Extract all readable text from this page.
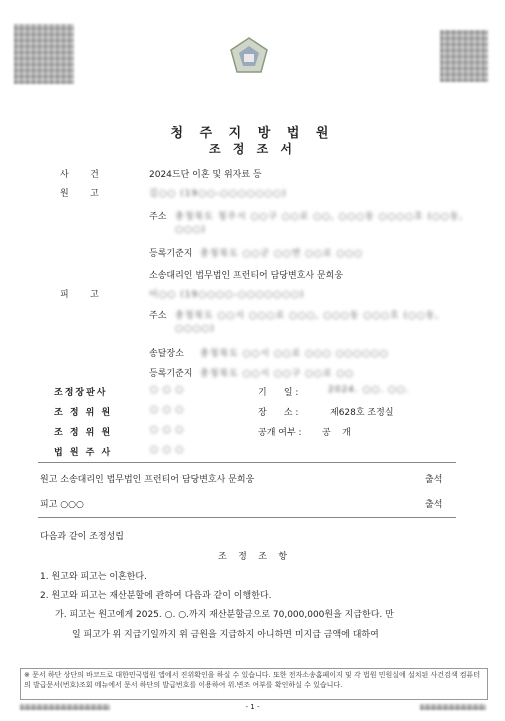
청 주 지 방 법 원
조 정 조 서
사    건	2024드단 이혼 및 위자료 등
원    고	김○○ (19○○-○○○○○○○)
주소 충청북도 청주시 ○○구 ○○로 ○○, ○○○동 ○○○○호 (○○동,
○○○)
등록기준지 충청북도 ○○군 ○○면 ○○로 ○○○
소송대리인 법무법인 프런티어 담당변호사 문희웅
피    고	이○○ (19○○○○-○○○○○○○)
주소 충청북도 ○○시 ○○○로 ○○○, ○○○동 ○○○호 (○○동,
○○○○)
송달장소 충청북도 ○○시 ○○로 ○○○ ○○○○○○
등록기준지 충청북도 ○○시 ○○구 ○○로 ○○
조정장판사	○ ○ ○
조 정 위 원	○ ○ ○
조 정 위 원	○ ○ ○
법 원 주 사	○ ○ ○
기      일 :	2024. ○○. ○○.
장      소 :	제628호 조정실
공개 여부 : 공    개
원고 소송대리인 법무법인 프런티어 담당변호사 문희웅	출석
피고 ○○○	출석
다음과 같이 조정성립
조    정    조    항
1. 원고와 피고는 이혼한다.
2. 원고와 피고는 재산분할에 관하여 다음과 같이 이행한다.
가. 피고는 원고에게 2025. ○. ○.까지 재산분할금으로 70,000,000원을 지급한다. 만
일 피고가 위 지급기일까지 위 금원을 지급하지 아니하면 미지급 금액에 대하여
※ 문서 하단 상단의 바코드로 대한민국법원 앱에서 진위확인을 하실 수 있습니다. 또한 전자소송홈페이지 및 각 법원 민원실에 설치된 사건검색 컴퓨터의 발급문서(번호)조회 메뉴에서 문서 하단의 발급번호를 이용하여 위.변조 여부를 확인하실 수 있습니다.
- 1 -
